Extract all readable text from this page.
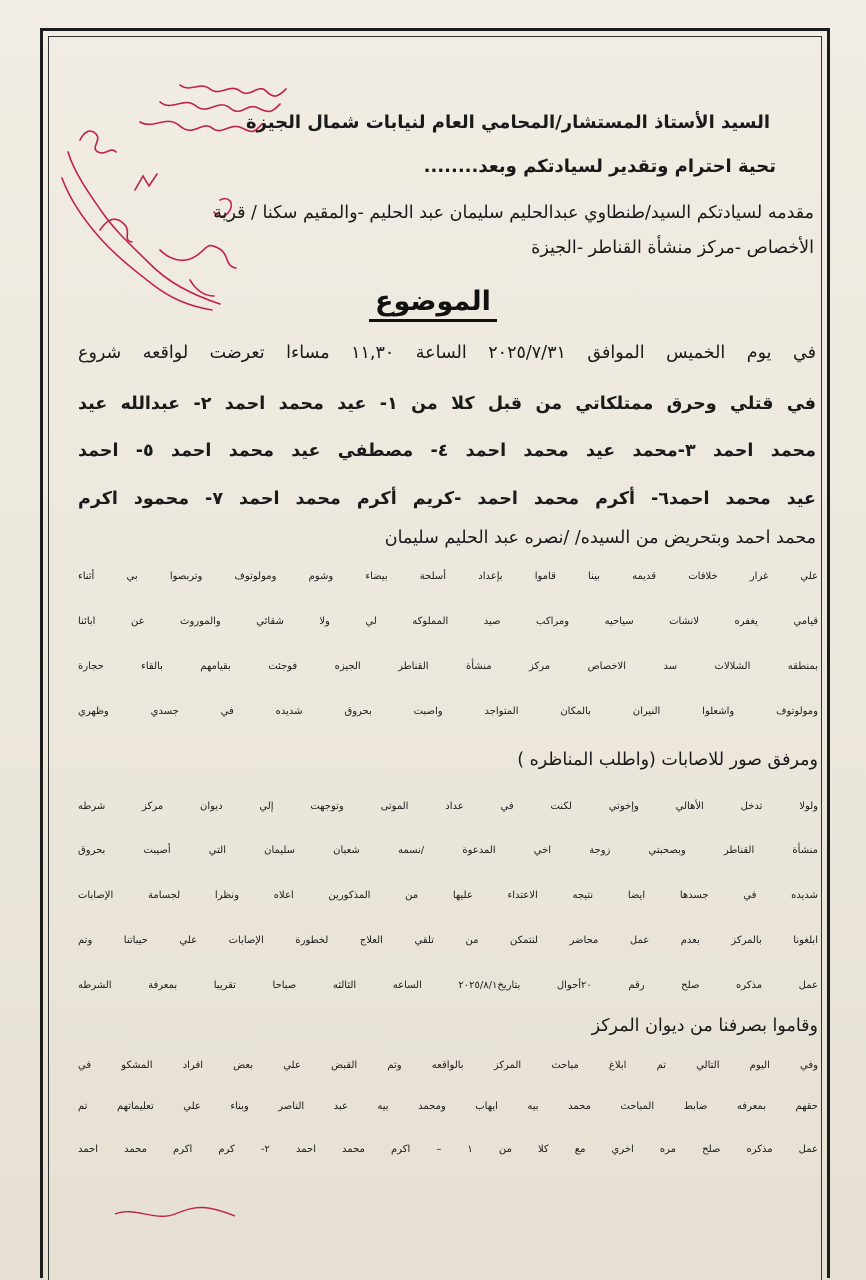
السيد الأستاذ المستشار/المحامي العام لنيابات شمال الجيزة
تحية احترام وتقدير لسيادتكم وبعد........
مقدمه لسيادتكم السيد/طنطاوي عبدالحليم سليمان عبد الحليم -والمقيم سكنا / قرية
الأخصاص -مركز منشأة القناطر -الجيزة
الموضوع
في يوم الخميس الموافق ٢٠٢٥/٧/٣١ الساعة ١١,٣٠ مساءا تعرضت لواقعه شروع
في قتلي وحرق ممتلكاتي من قبل كلا من ١- عيد محمد احمد ٢- عبدالله عيد
محمد احمد ٣-محمد عيد محمد احمد ٤- مصطفي عيد محمد احمد ٥- احمد
عيد محمد احمد٦- أكرم محمد احمد -كريم أكرم محمد احمد ٧- محمود اكرم
محمد احمد وبتحريض من السيده/ /نصره عبد الحليم سليمان
علي غرار خلافات قديمه بينا قاموا بإعداد أسلحة بيضاء وشوم ومولوتوف وتربصوا بي أثناء
قيامي يغفره لانشات سياحيه ومراكب صيد المملوكه لي ولا شقائي والموروث عن ابائنا
بمنطقه الشلالات سد الاخصاص مركز منشأة القناطر الجيزه فوجئت بقيامهم بالقاء حجارة
ومولوتوف واشعلوا النيران بالمكان المتواجد واصبت بحروق شديده في جسدي وظهري
ومرفق صور للاصابات (واطلب المناظره )
ولولا تدخل الأهالي وإخوتي لكنت في عداد الموتى وتوجهت إلي ديوان مركز شرطه
منشأة القناطر وبصحبتي زوجة اخي المدعوة /نسمه شعبان سليمان التي أصيبت بحروق
شديده في جسدها ايضا نتيجه الاعتداء عليها من المذكورين اعلاه ونظرا لجسامة الإصابات
ابلغونا بالمركز بعدم عمل محاضر لنتمكن من تلقي العلاج لخطورة الإصابات علي حيباتنا وتم
عمل مذكره صلح رقم ٢٠أحوال بتاريخ٢٠٢٥/٨/١ الساعه الثالثه صباحا تقريبا بمعرفة الشرطه
وقاموا بصرفنا من ديوان المركز
وفي اليوم التالي تم ابلاغ مباحث المركز بالواقعه وتم القبض علي بعض افراد المشكو في
حقهم بمعرفه ضابط المباحث محمد بيه ايهاب ومحمد بيه عبد الناصر وبناء علي تعليماتهم تم
عمل مذكره صلح مره اخري مع كلا من ١ – اكرم محمد احمد ٢- كرم اكرم محمد احمد
